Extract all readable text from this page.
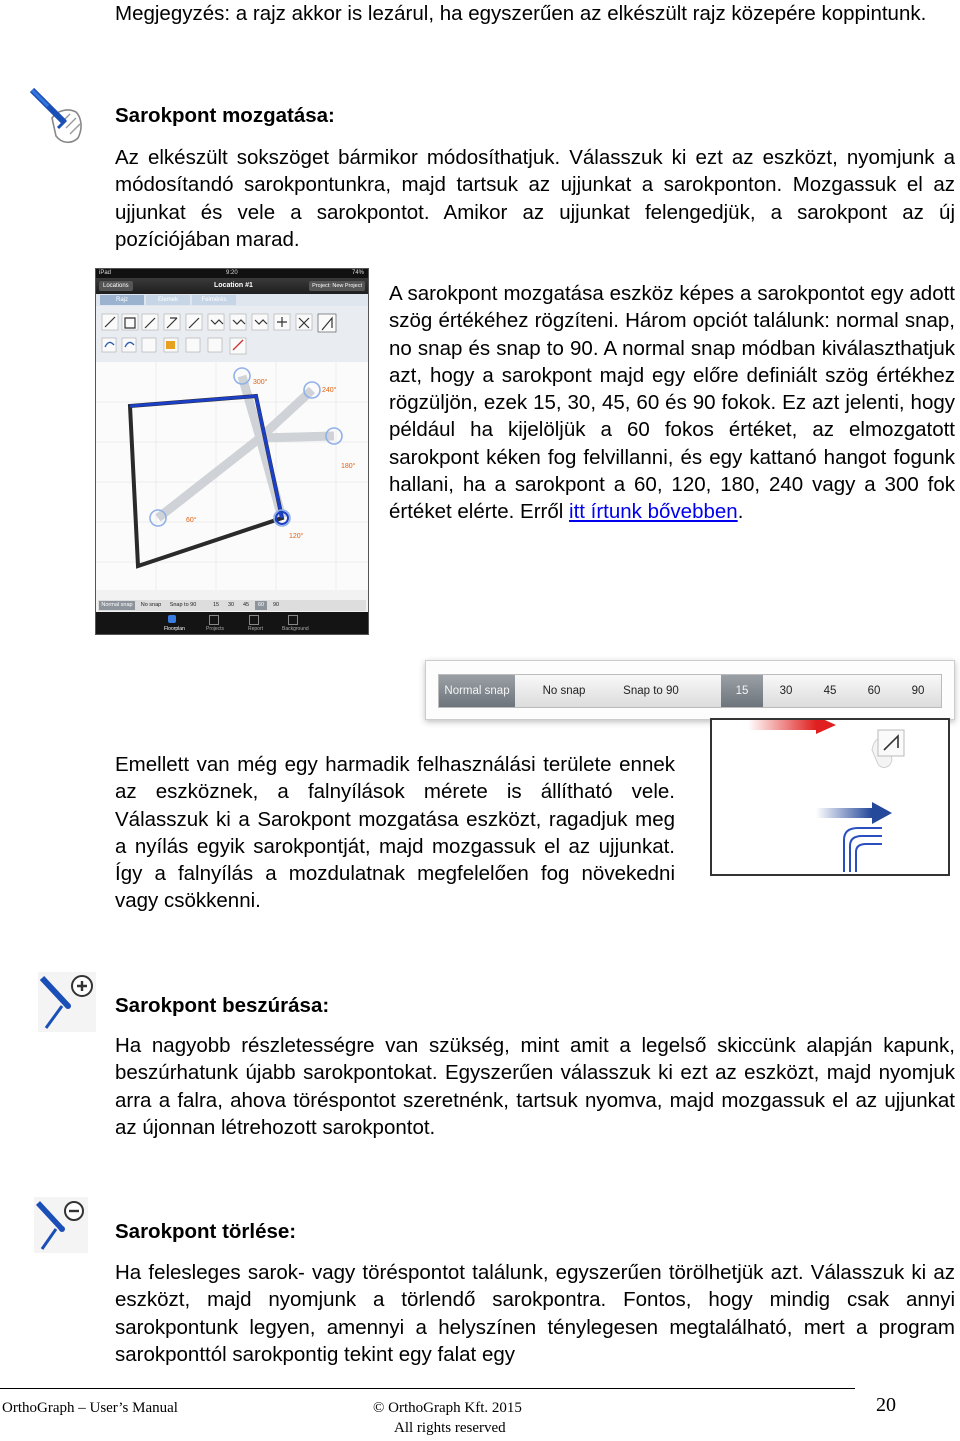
Megjegyzés: a rajz akkor is lezárul, ha egyszerűen az elkészült rajz közepére koppintunk.
Sarokpont mozgatása:
Az elkészült sokszöget bármikor módosíthatjuk. Válasszuk ki ezt az eszközt, nyomjunk a módosítandó sarokpontunkra, majd tartsuk az ujjunkat a sarokponton. Mozgassuk el az ujjunkat és vele a sarokpontot. Amikor az ujjunkat felengedjük, a sarokpont az új pozíciójában marad.
iPad	9:20	74%
Locations	Location #1	Project: New Project
Rajz	Elemek	Felmérés
300°
240°
180°
120°
60°
Normal snap	No snap	Snap to 90	15	30	45	60	90
Floorplan	Projects	Report	Background
A sarokpont mozgatása eszköz képes a sarokpontot egy adott szög értékéhez rögzíteni. Három opciót találunk: normal snap, no snap és snap to 90. A normal snap módban kiválaszthatjuk azt, hogy a sarokpont majd egy előre definiált szög értékhez rögzüljön, ezek 15, 30, 45, 60 és 90 fokok. Ez azt jelenti, hogy például ha kijelöljük a 60 fokos értéket, az elmozgatott sarokpont kéken fog felvillanni, és egy kattanó hangot fogunk hallani, ha a sarokpont a 60, 120, 180, 240 vagy a 300 fok értéket elérte. Erről itt írtunk bővebben.
Normal snap	No snap	Snap to 90	15	30	45	60	90
Emellett van még egy harmadik felhasználási területe ennek az eszköznek, a falnyílások mérete is állítható vele. Válasszuk ki a Sarokpont mozgatása eszközt, ragadjuk meg a nyílás egyik sarokpontját, majd mozgassuk el az ujjunkat. Így a falnyílás a mozdulatnak megfelelően fog növekedni vagy csökkenni.
Sarokpont beszúrása:
Ha nagyobb részletességre van szükség, mint amit a legelső skiccünk alapján kapunk, beszúrhatunk újabb sarokpontokat. Egyszerűen válasszuk ki ezt az eszközt, majd nyomjuk arra a falra, ahova töréspontot szeretnénk, tartsuk nyomva, majd mozgassuk el az ujjunkat az újonnan létrehozott sarokpontot.
Sarokpont törlése:
Ha felesleges sarok- vagy töréspontot találunk, egyszerűen törölhetjük azt. Válasszuk ki az eszközt, majd nyomjunk a törlendő sarokpontra. Fontos, hogy mindig csak annyi sarokpontunk legyen, amennyi a helyszínen ténylegesen megtalálható, mert a program sarokponttól sarokpontig tekint egy falat egy
OrthoGraph – User’s Manual	© OrthoGraph Kft. 2015
All rights reserved
20
